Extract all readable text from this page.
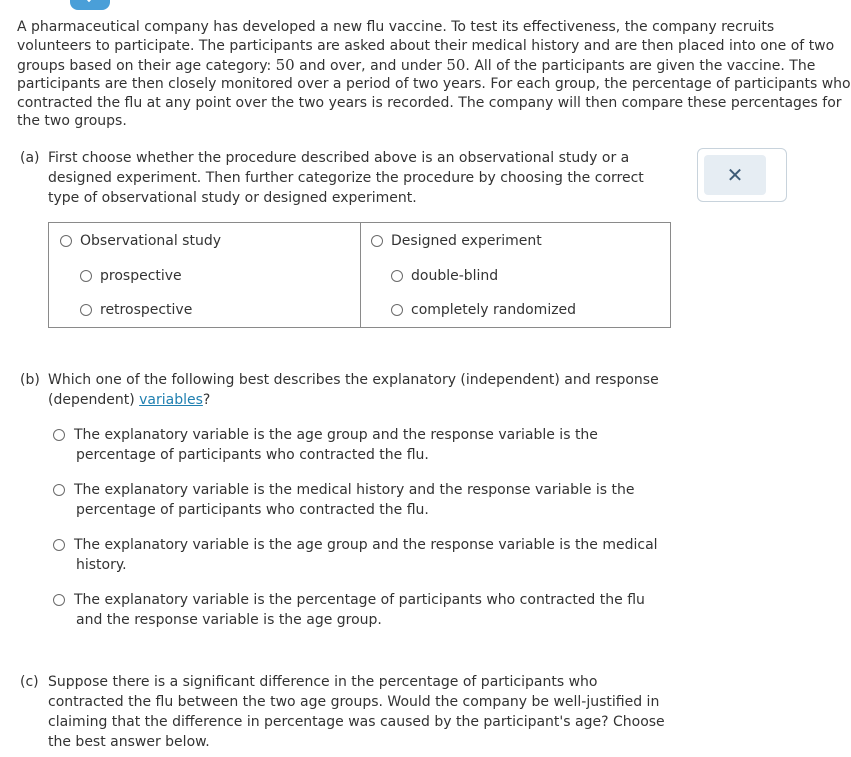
A pharmaceutical company has developed a new flu vaccine. To test its effectiveness, the company recruits
volunteers to participate. The participants are asked about their medical history and are then placed into one of two
groups based on their age category: 50 and over, and under 50. All of the participants are given the vaccine. The
participants are then closely monitored over a period of two years. For each group, the percentage of participants who
contracted the flu at any point over the two years is recorded. The company will then compare these percentages for
the two groups.
(a) First choose whether the procedure described above is an observational study or a
designed experiment. Then further categorize the procedure by choosing the correct
type of observational study or designed experiment.
✕
Observational study
prospective
retrospective
Designed experiment
double-blind
completely randomized
(b) Which one of the following best describes the explanatory (independent) and response
(dependent) variables?
The explanatory variable is the age group and the response variable is the
percentage of participants who contracted the flu.
The explanatory variable is the medical history and the response variable is the
percentage of participants who contracted the flu.
The explanatory variable is the age group and the response variable is the medical
history.
The explanatory variable is the percentage of participants who contracted the flu
and the response variable is the age group.
(c) Suppose there is a significant difference in the percentage of participants who
contracted the flu between the two age groups. Would the company be well-justified in
claiming that the difference in percentage was caused by the participant's age? Choose
the best answer below.
